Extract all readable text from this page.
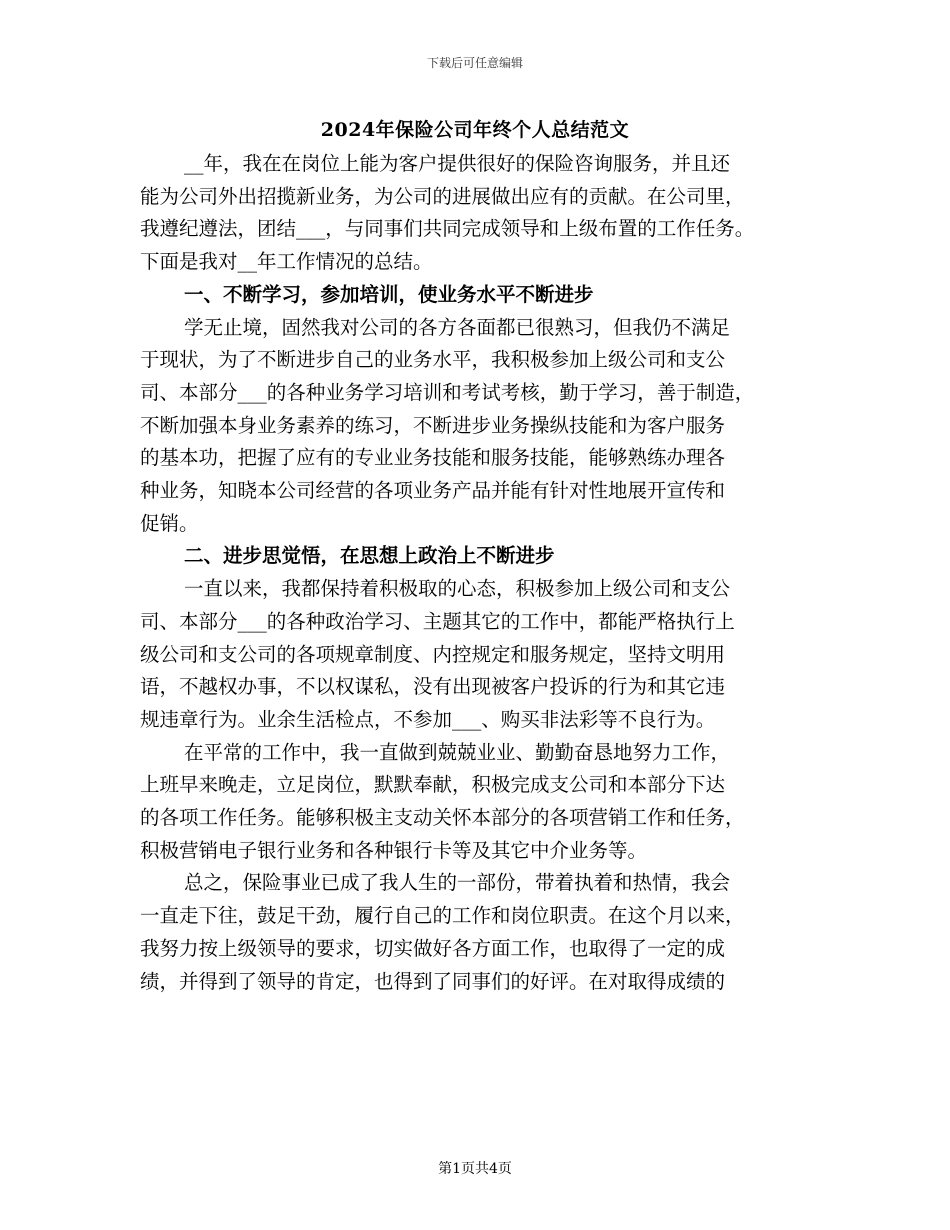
下载后可任意编辑
2024年保险公司年终个人总结范文

__年，我在在岗位上能为客户提供很好的保险咨询服务，并且还
能为公司外出招揽新业务，为公司的进展做出应有的贡献。在公司里，
我遵纪遵法，团结___，与同事们共同完成领导和上级布置的工作任务。
下面是我对__年工作情况的总结。

一、不断学习，参加培训，使业务水平不断进步

学无止境，固然我对公司的各方各面都已很熟习，但我仍不满足
于现状，为了不断进步自己的业务水平，我积极参加上级公司和支公
司、本部分___的各种业务学习培训和考试考核，勤于学习，善于制造，
不断加强本身业务素养的练习，不断进步业务操纵技能和为客户服务
的基本功，把握了应有的专业业务技能和服务技能，能够熟练办理各
种业务，知晓本公司经营的各项业务产品并能有针对性地展开宣传和
促销。

二、进步思觉悟，在思想上政治上不断进步

一直以来，我都保持着积极取的心态，积极参加上级公司和支公
司、本部分___的各种政治学习、主题其它的工作中，都能严格执行上
级公司和支公司的各项规章制度、内控规定和服务规定，坚持文明用
语，不越权办事，不以权谋私，没有出现被客户投诉的行为和其它违
规违章行为。业余生活检点，不参加___、购买非法彩等不良行为。

在平常的工作中，我一直做到兢兢业业、勤勤奋恳地努力工作，
上班早来晚走，立足岗位，默默奉献，积极完成支公司和本部分下达
的各项工作任务。能够积极主支动关怀本部分的各项营销工作和任务，
积极营销电子银行业务和各种银行卡等及其它中介业务等。

总之，保险事业已成了我人生的一部份，带着执着和热情，我会
一直走下往，鼓足干劲，履行自己的工作和岗位职责。在这个月以来，
我努力按上级领导的要求，切实做好各方面工作，也取得了一定的成
绩，并得到了领导的肯定，也得到了同事们的好评。在对取得成绩的

第1页共4页
